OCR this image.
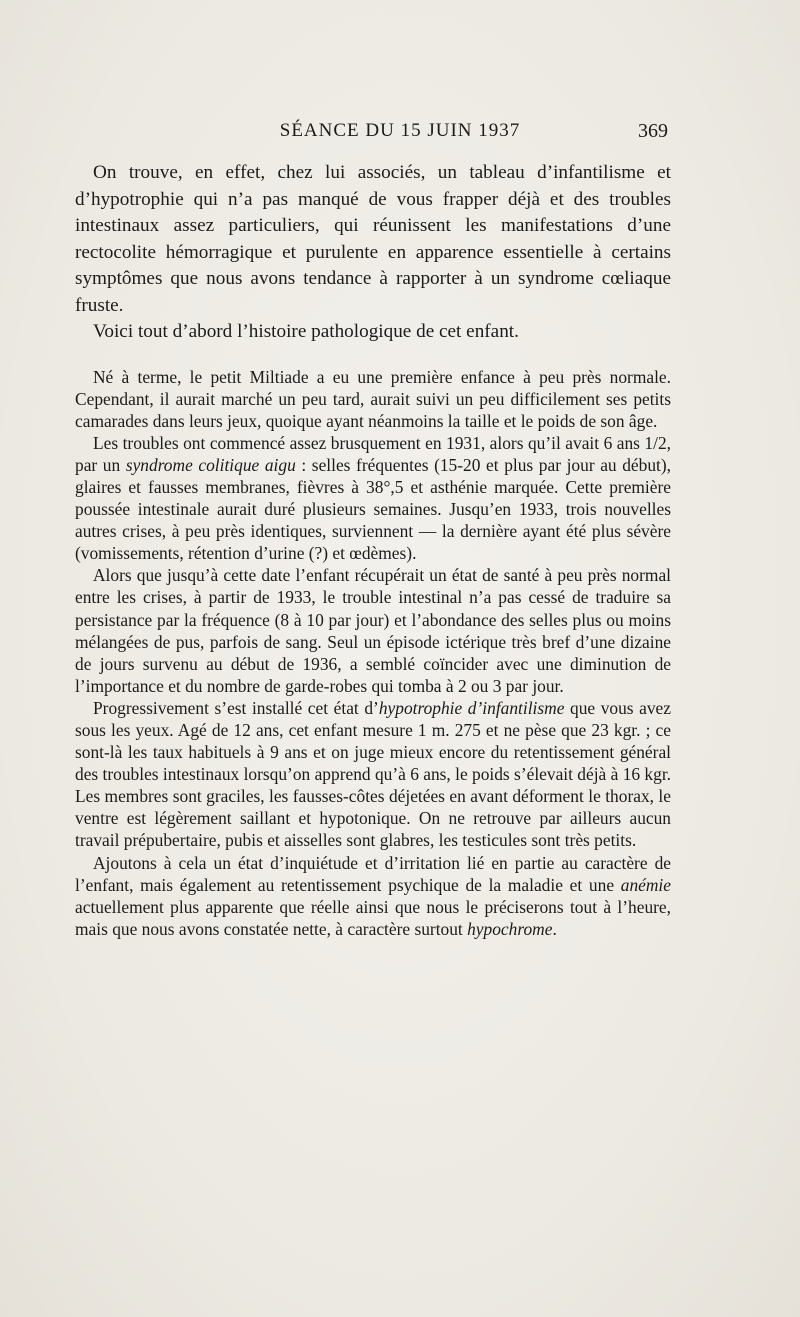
SÉANCE DU 15 JUIN 1937	369

On trouve, en effet, chez lui associés, un tableau d’infantilisme et d’hypotrophie qui n’a pas manqué de vous frapper déjà et des troubles intestinaux assez particuliers, qui réunissent les manifestations d’une rectocolite hémorragique et purulente en apparence essentielle à certains symptômes que nous avons tendance à rapporter à un syndrome cœliaque fruste.

Voici tout d’abord l’histoire pathologique de cet enfant.

Né à terme, le petit Miltiade a eu une première enfance à peu près normale. Cependant, il aurait marché un peu tard, aurait suivi un peu difficilement ses petits camarades dans leurs jeux, quoique ayant néanmoins la taille et le poids de son âge.

Les troubles ont commencé assez brusquement en 1931, alors qu’il avait 6 ans 1/2, par un syndrome colitique aigu : selles fréquentes (15-20 et plus par jour au début), glaires et fausses membranes, fièvres à 38°,5 et asthénie marquée. Cette première poussée intestinale aurait duré plusieurs semaines. Jusqu’en 1933, trois nouvelles autres crises, à peu près identiques, surviennent — la dernière ayant été plus sévère (vomissements, rétention d’urine (?) et œdèmes).

Alors que jusqu’à cette date l’enfant récupérait un état de santé à peu près normal entre les crises, à partir de 1933, le trouble intestinal n’a pas cessé de traduire sa persistance par la fréquence (8 à 10 par jour) et l’abondance des selles plus ou moins mélangées de pus, parfois de sang. Seul un épisode ictérique très bref d’une dizaine de jours survenu au début de 1936, a semblé coïncider avec une diminution de l’importance et du nombre de garde-robes qui tomba à 2 ou 3 par jour.

Progressivement s’est installé cet état d’hypotrophie d’infantilisme que vous avez sous les yeux. Agé de 12 ans, cet enfant mesure 1 m. 275 et ne pèse que 23 kgr. ; ce sont-là les taux habituels à 9 ans et on juge mieux encore du retentissement général des troubles intestinaux lorsqu’on apprend qu’à 6 ans, le poids s’élevait déjà à 16 kgr. Les membres sont graciles, les fausses-côtes déjetées en avant déforment le thorax, le ventre est légèrement saillant et hypotonique. On ne retrouve par ailleurs aucun travail prépubertaire, pubis et aisselles sont glabres, les testicules sont très petits.

Ajoutons à cela un état d’inquiétude et d’irritation lié en partie au caractère de l’enfant, mais également au retentissement psychique de la maladie et une anémie actuellement plus apparente que réelle ainsi que nous le préciserons tout à l’heure, mais que nous avons constatée nette, à caractère surtout hypochrome.
